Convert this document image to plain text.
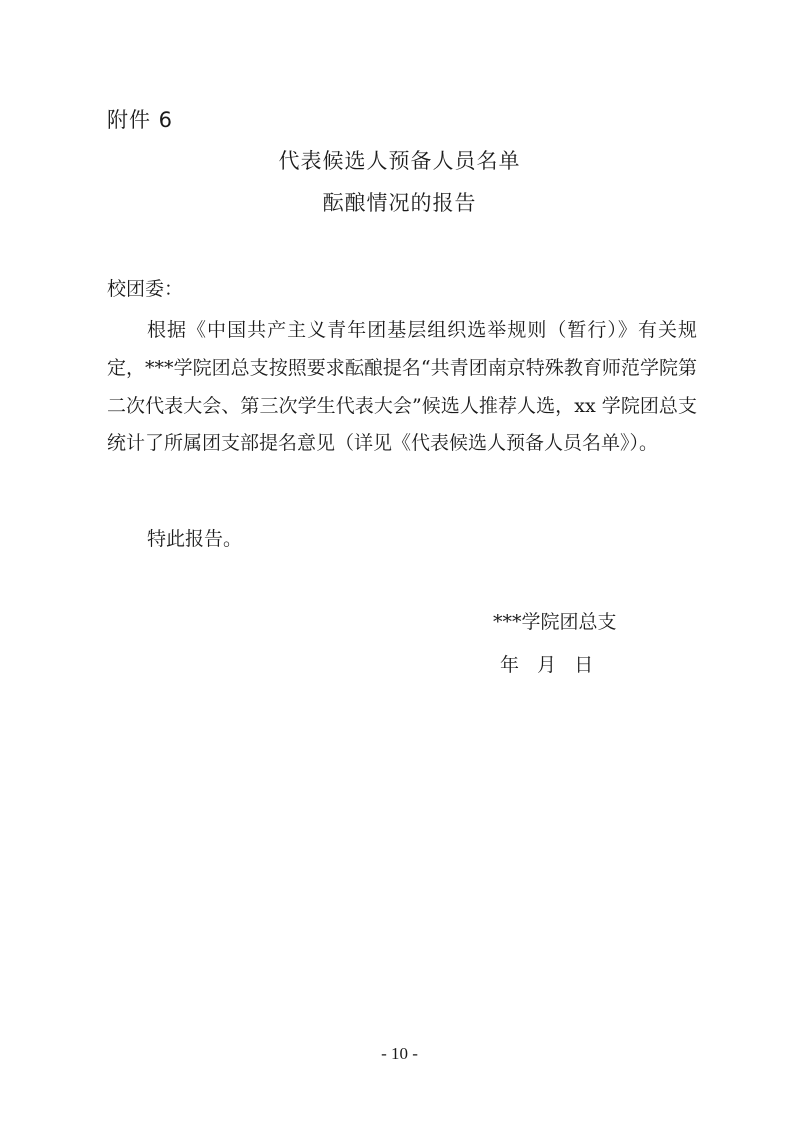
附件 6
代表候选人预备人员名单
酝酿情况的报告
校团委：

根据《中国共产主义青年团基层组织选举规则（暂行）》有关规定，***学院团总支按照要求酝酿提名“共青团南京特殊教育师范学院第二次代表大会、第三次学生代表大会”候选人推荐人选，xx 学院团总支统计了所属团支部提名意见（详见《代表候选人预备人员名单》）。

特此报告。
***学院团总支
年   月   日
- 10 -
